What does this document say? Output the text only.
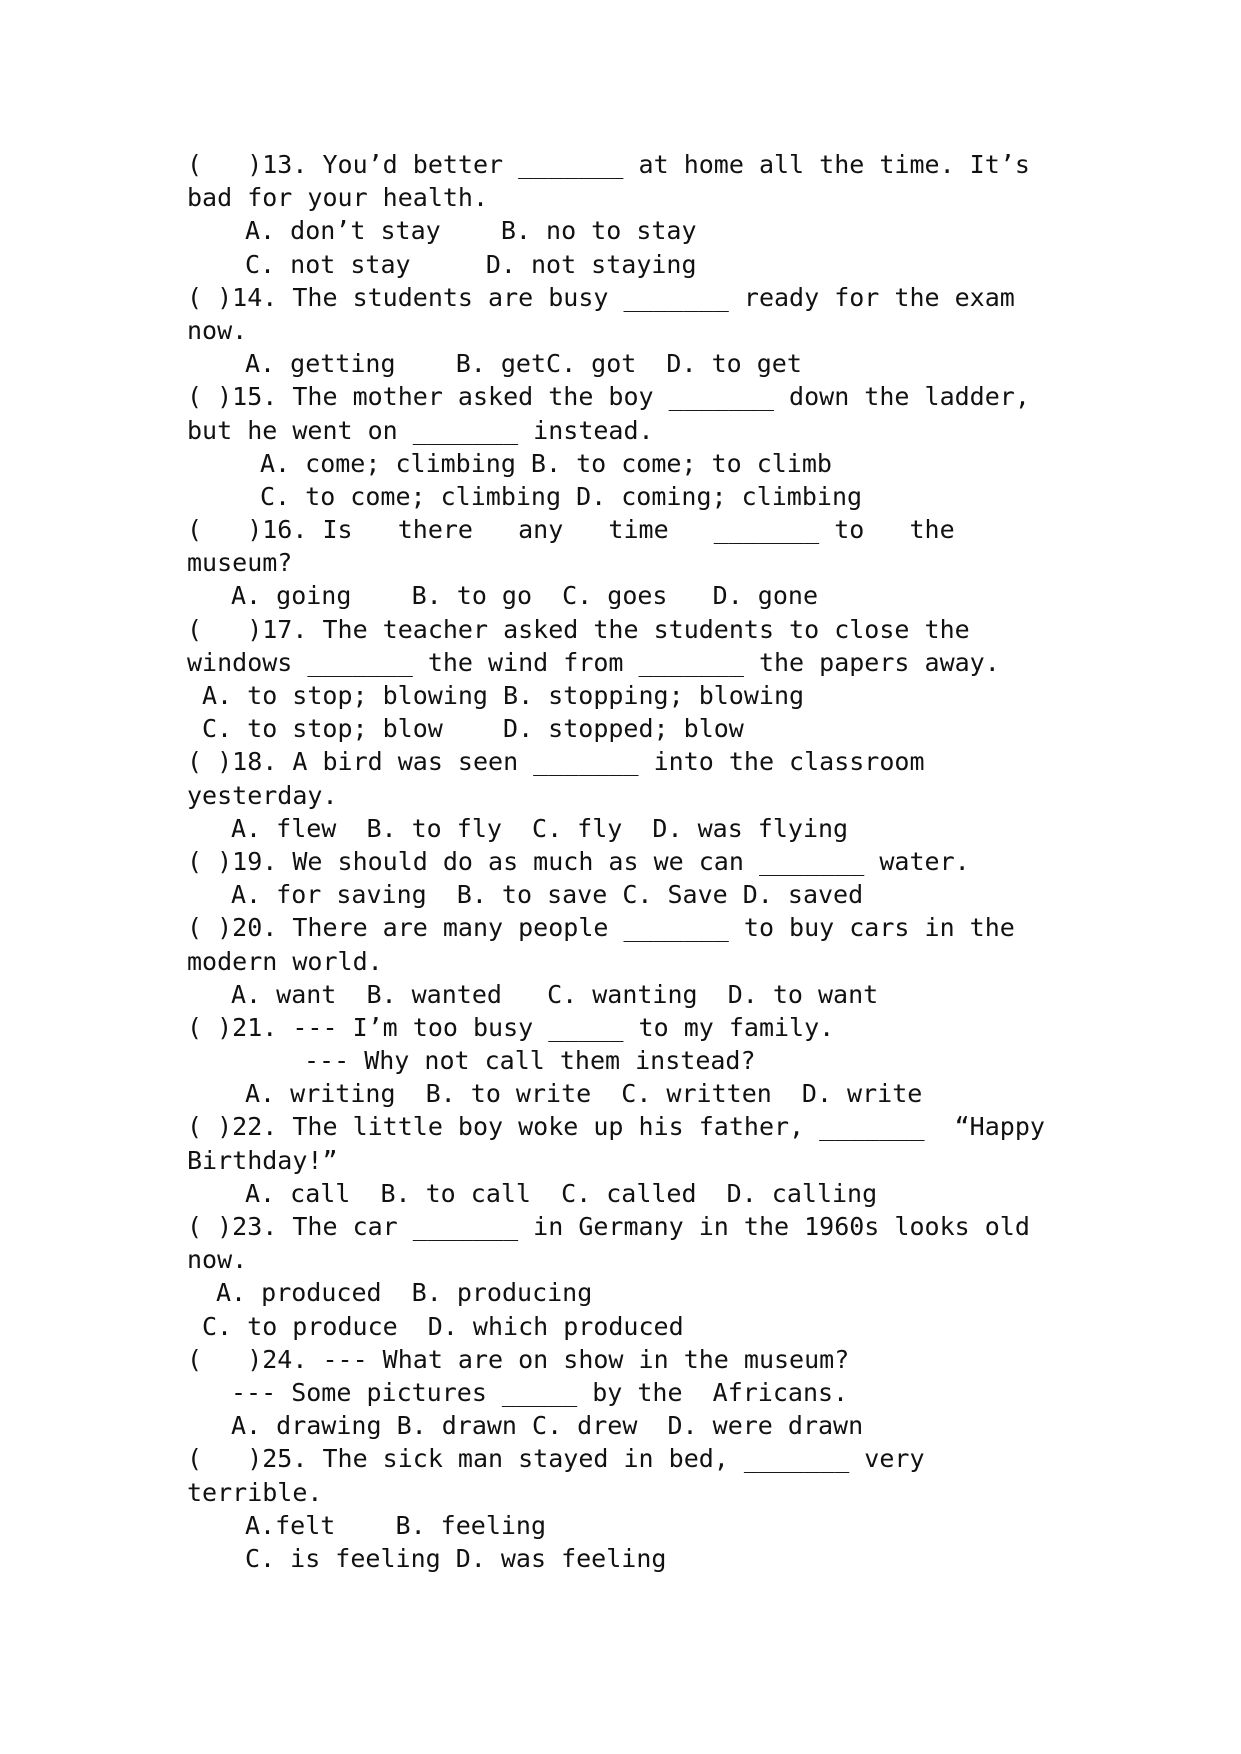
(   )13. You’d better _______ at home all the time. It’s
bad for your health.
A. don’t stay    B. no to stay
C. not stay     D. not staying
( )14. The students are busy _______ ready for the exam
now.
A. getting    B. getC. got  D. to get
( )15. The mother asked the boy _______ down the ladder,
but he went on _______ instead.
A. come; climbing B. to come; to climb
C. to come; climbing D. coming; climbing
(   )16. Is   there   any   time   _______ to   the
museum?
A. going    B. to go  C. goes   D. gone
(   )17. The teacher asked the students to close the
windows _______ the wind from _______ the papers away.
A. to stop; blowing B. stopping; blowing
C. to stop; blow    D. stopped; blow
( )18. A bird was seen _______ into the classroom
yesterday.
A. flew  B. to fly  C. fly  D. was flying
( )19. We should do as much as we can _______ water.
A. for saving  B. to save C. Save D. saved
( )20. There are many people _______ to buy cars in the
modern world.
A. want  B. wanted   C. wanting  D. to want
( )21. --- I’m too busy _____ to my family.
--- Why not call them instead?
A. writing  B. to write  C. written  D. write
( )22. The little boy woke up his father, _______  “Happy
Birthday!”
A. call  B. to call  C. called  D. calling
( )23. The car _______ in Germany in the 1960s looks old
now.
A. produced  B. producing
C. to produce  D. which produced
(   )24. --- What are on show in the museum?
--- Some pictures _____ by the  Africans.
A. drawing B. drawn C. drew  D. were drawn
(   )25. The sick man stayed in bed, _______ very
terrible.
A.felt    B. feeling
C. is feeling D. was feeling
